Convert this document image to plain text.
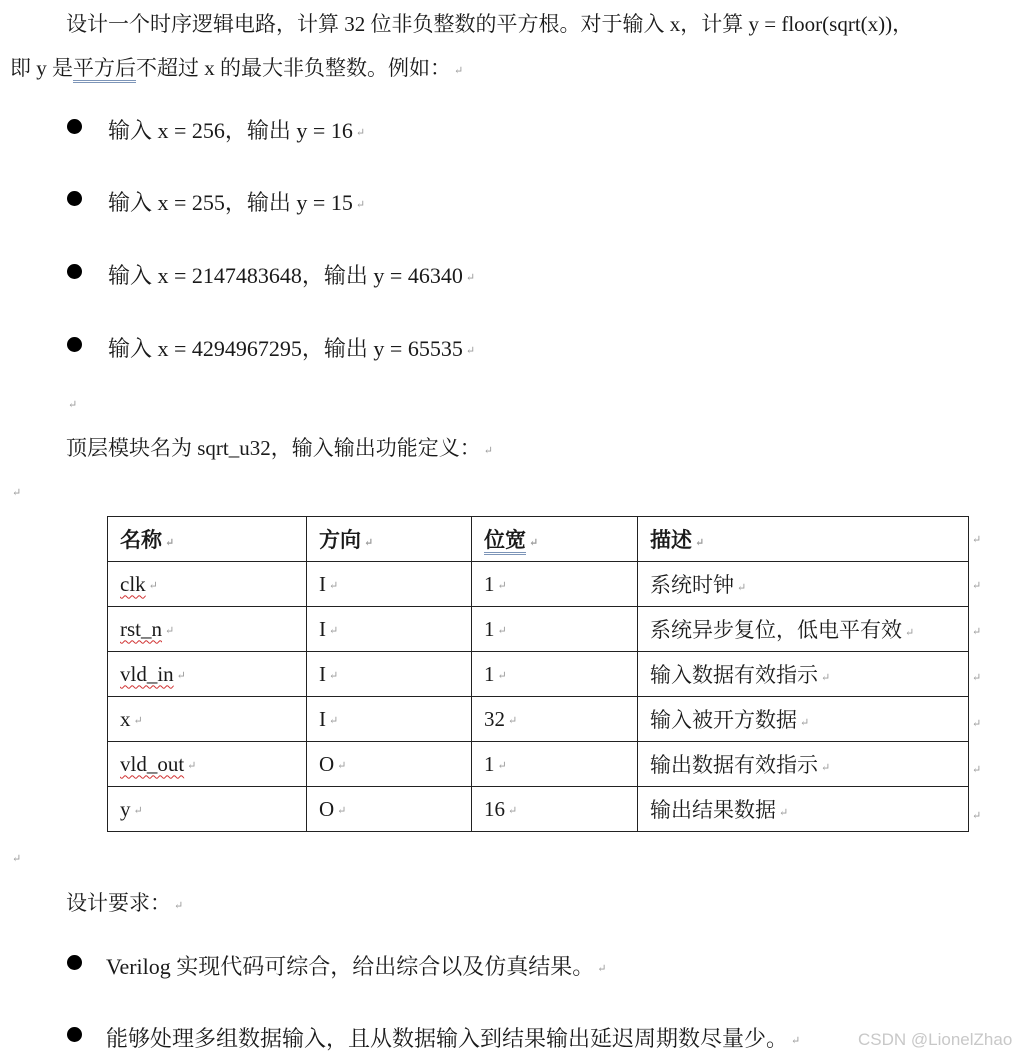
设计一个时序逻辑电路，计算 32 位非负整数的平方根。对于输入 x，计算 y = floor(sqrt(x))，
即 y 是平方后不超过 x 的最大非负整数。例如： ↵
输入 x = 256，输出 y = 16 ↵
输入 x = 255，输出 y = 15 ↵
输入 x = 2147483648，输出 y = 46340 ↵
输入 x = 4294967295，输出 y = 65535 ↵
↵
顶层模块名为 sqrt_u32，输入输出功能定义： ↵
↵
名称 ↵	方向 ↵	位宽 ↵	描述 ↵
clk ↵	I ↵	1 ↵	系统时钟 ↵
rst_n ↵	I ↵	1 ↵	系统异步复位，低电平有效 ↵
vld_in ↵	I ↵	1 ↵	输入数据有效指示 ↵
x ↵	I ↵	32 ↵	输入被开方数据 ↵
vld_out ↵	O ↵	1 ↵	输出数据有效指示 ↵
y ↵	O ↵	16 ↵	输出结果数据 ↵
↵
↵
↵
↵
↵
↵
↵
↵
设计要求： ↵
Verilog 实现代码可综合，给出综合以及仿真结果。 ↵
能够处理多组数据输入，且从数据输入到结果输出延迟周期数尽量少。 ↵	CSDN @LionelZhao
